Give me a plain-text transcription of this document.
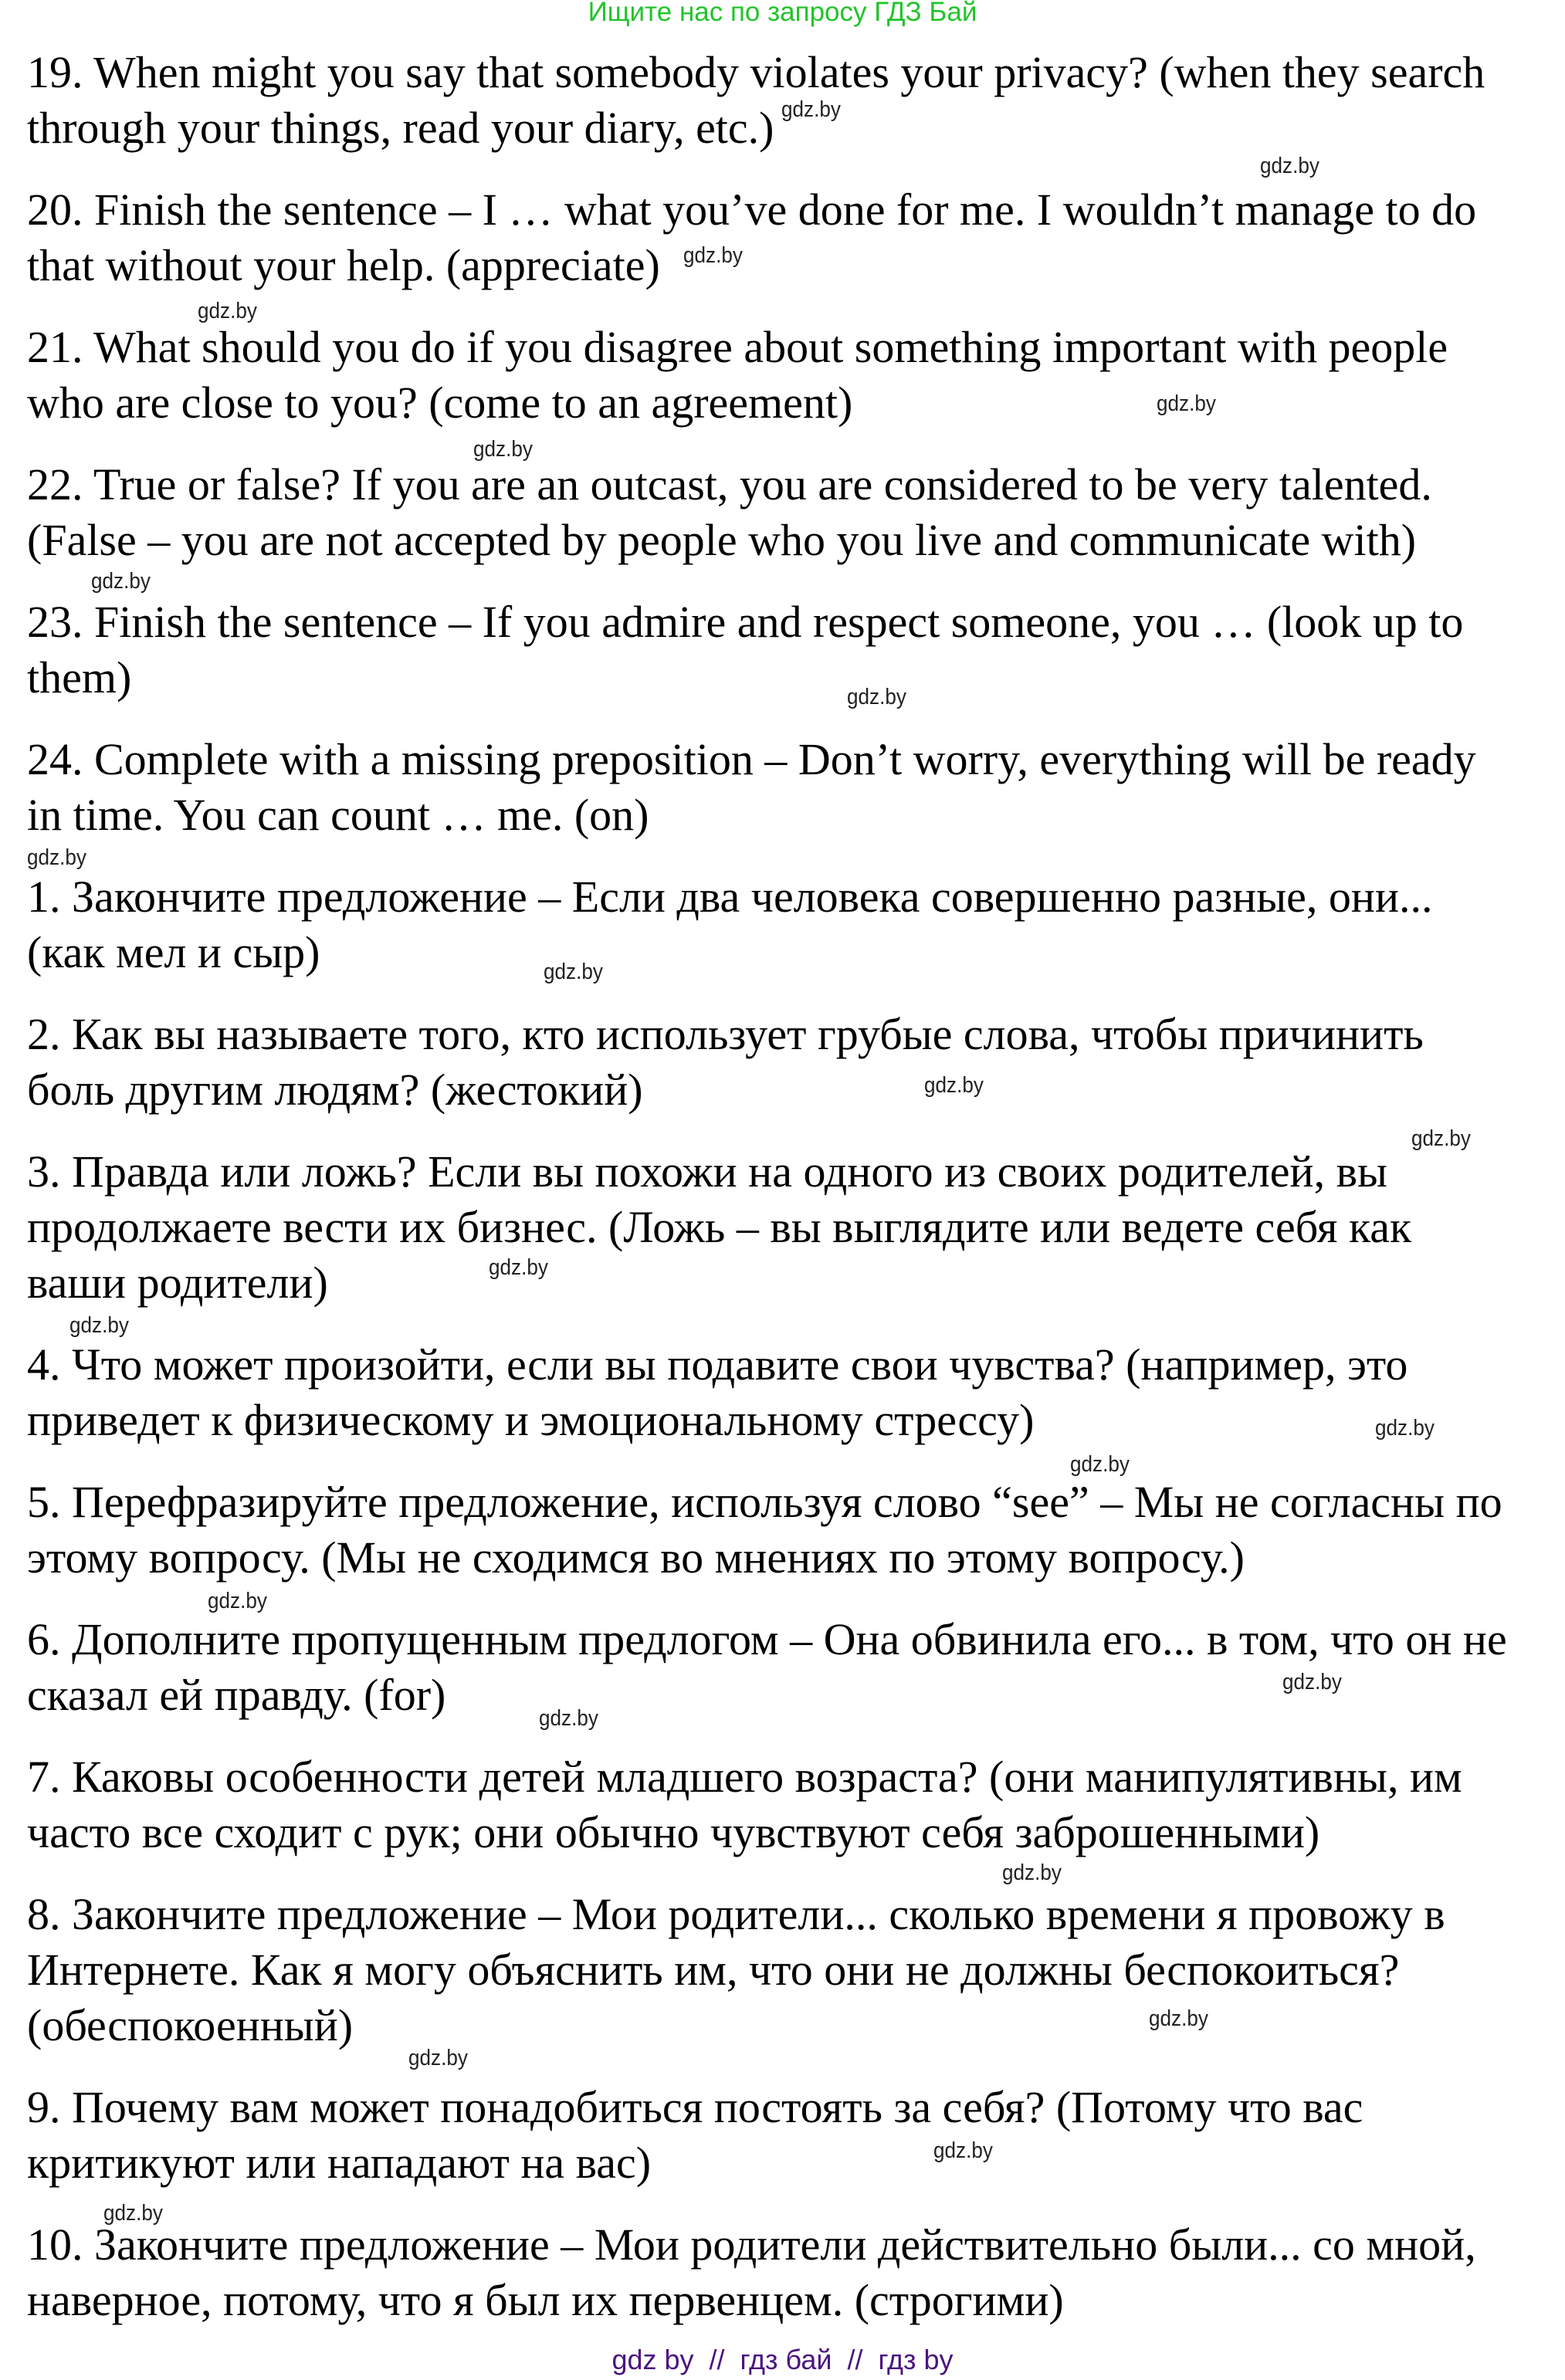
Ищите нас по запросу ГДЗ Бай
19. When might you say that somebody violates your privacy? (when they search
through your things, read your diary, etc.)
20. Finish the sentence – I … what you’ve done for me. I wouldn’t manage to do
that without your help. (appreciate)
21. What should you do if you disagree about something important with people
who are close to you? (come to an agreement)
22. True or false? If you are an outcast, you are considered to be very talented.
(False – you are not accepted by people who you live and communicate with)
23. Finish the sentence – If you admire and respect someone, you … (look up to
them)
24. Complete with a missing preposition – Don’t worry, everything will be ready
in time. You can count … me. (on)
1. Закончите предложение – Если два человека совершенно разные, они...
(как мел и сыр)
2. Как вы называете того, кто использует грубые слова, чтобы причинить
боль другим людям? (жестокий)
3. Правда или ложь? Если вы похожи на одного из своих родителей, вы
продолжаете вести их бизнес. (Ложь – вы выглядите или ведете себя как
ваши родители)
4. Что может произойти, если вы подавите свои чувства? (например, это
приведет к физическому и эмоциональному стрессу)
5. Перефразируйте предложение, используя слово “see” – Мы не согласны по
этому вопросу. (Мы не сходимся во мнениях по этому вопросу.)
6. Дополните пропущенным предлогом – Она обвинила его... в том, что он не
сказал ей правду. (for)
7. Каковы особенности детей младшего возраста? (они манипулятивны, им
часто все сходит с рук; они обычно чувствуют себя заброшенными)
8. Закончите предложение – Мои родители... сколько времени я провожу в
Интернете. Как я могу объяснить им, что они не должны беспокоиться?
(обеспокоенный)
9. Почему вам может понадобиться постоять за себя? (Потому что вас
критикуют или нападают на вас)
10. Закончите предложение – Мои родители действительно были... со мной,
наверное, потому, что я был их первенцем. (строгими)
gdz.by
gdz.by
gdz.by
gdz.by
gdz.by
gdz.by
gdz.by
gdz.by
gdz.by
gdz.by
gdz.by
gdz.by
gdz.by
gdz.by
gdz.by
gdz.by
gdz.by
gdz.by
gdz.by
gdz.by
gdz.by
gdz.by
gdz.by
gdz.by
gdz by  //  гдз бай  //  гдз by
